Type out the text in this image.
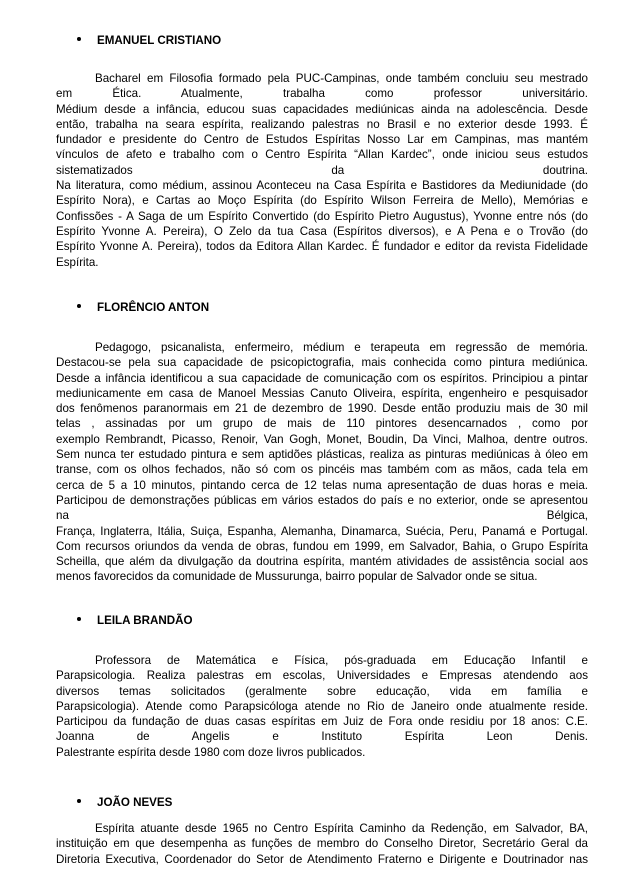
EMANUEL CRISTIANO
Bacharel em Filosofia formado pela PUC-Campinas, onde também concluiu seu mestrado
em Ética. Atualmente, trabalha como professor universitário.
Médium desde a infância, educou suas capacidades mediúnicas ainda na adolescência. Desde
então, trabalha na seara espírita, realizando palestras no Brasil e no exterior desde 1993. É
fundador e presidente do Centro de Estudos Espíritas Nosso Lar em Campinas, mas mantém
vínculos de afeto e trabalho com o Centro Espírita “Allan Kardec”, onde iniciou seus estudos
sistematizados da doutrina.
Na literatura, como médium, assinou Aconteceu na Casa Espírita e Bastidores da Mediunidade (do
Espírito Nora), e Cartas ao Moço Espírita (do Espírito Wilson Ferreira de Mello), Memórias e
Confissões - A Saga de um Espírito Convertido (do Espírito Pietro Augustus), Yvonne entre nós (do
Espírito Yvonne A. Pereira), O Zelo da tua Casa (Espíritos diversos), e A Pena e o Trovão (do
Espírito Yvonne A. Pereira), todos da Editora Allan Kardec. É fundador e editor da revista Fidelidade
Espírita.
FLORÊNCIO ANTON
Pedagogo, psicanalista, enfermeiro, médium e terapeuta em regressão de memória.
Destacou-se pela sua capacidade de psicopictografia, mais conhecida como pintura mediúnica.
Desde a infância identificou a sua capacidade de comunicação com os espíritos. Principiou a pintar
mediunicamente em casa de Manoel Messias Canuto Oliveira, espírita, engenheiro e pesquisador
dos fenômenos paranormais em 21 de dezembro de 1990. Desde então produziu mais de 30 mil
telas , assinadas por um grupo de mais de 110 pintores desencarnados , como por
exemplo Rembrandt, Picasso, Renoir, Van Gogh, Monet, Boudin, Da Vinci, Malhoa, dentre outros.
Sem nunca ter estudado pintura e sem aptidões plásticas, realiza as pinturas mediúnicas à óleo em
transe, com os olhos fechados, não só com os pincéis mas também com as mãos, cada tela em
cerca de 5 a 10 minutos, pintando cerca de 12 telas numa apresentação de duas horas e meia.
Participou de demonstrações públicas em vários estados do país e no exterior, onde se apresentou
na Bélgica,
França, Inglaterra, Itália, Suiça, Espanha, Alemanha, Dinamarca, Suécia, Peru, Panamá e Portugal.
Com recursos oriundos da venda de obras, fundou em 1999, em Salvador, Bahia, o Grupo Espírita
Scheilla, que além da divulgação da doutrina espírita, mantém atividades de assistência social aos
menos favorecidos da comunidade de Mussurunga, bairro popular de Salvador onde se situa.
LEILA BRANDÃO
Professora de Matemática e Física, pós-graduada em Educação Infantil e
Parapsicologia. Realiza palestras em escolas, Universidades e Empresas atendendo aos
diversos temas solicitados (geralmente sobre educação, vida em família e
Parapsicologia). Atende como Parapsicóloga atende no Rio de Janeiro onde atualmente reside.
Participou da fundação de duas casas espíritas em Juiz de Fora onde residiu por 18 anos: C.E.
Joanna de Angelis e Instituto Espírita Leon Denis.
Palestrante espírita desde 1980 com doze livros publicados.
JOÃO NEVES
Espírita atuante desde 1965 no Centro Espírita Caminho da Redenção, em Salvador, BA,
instituição em que desempenha as funções de membro do Conselho Diretor, Secretário Geral da
Diretoria Executiva, Coordenador do Setor de Atendimento Fraterno e Dirigente e Doutrinador nas
